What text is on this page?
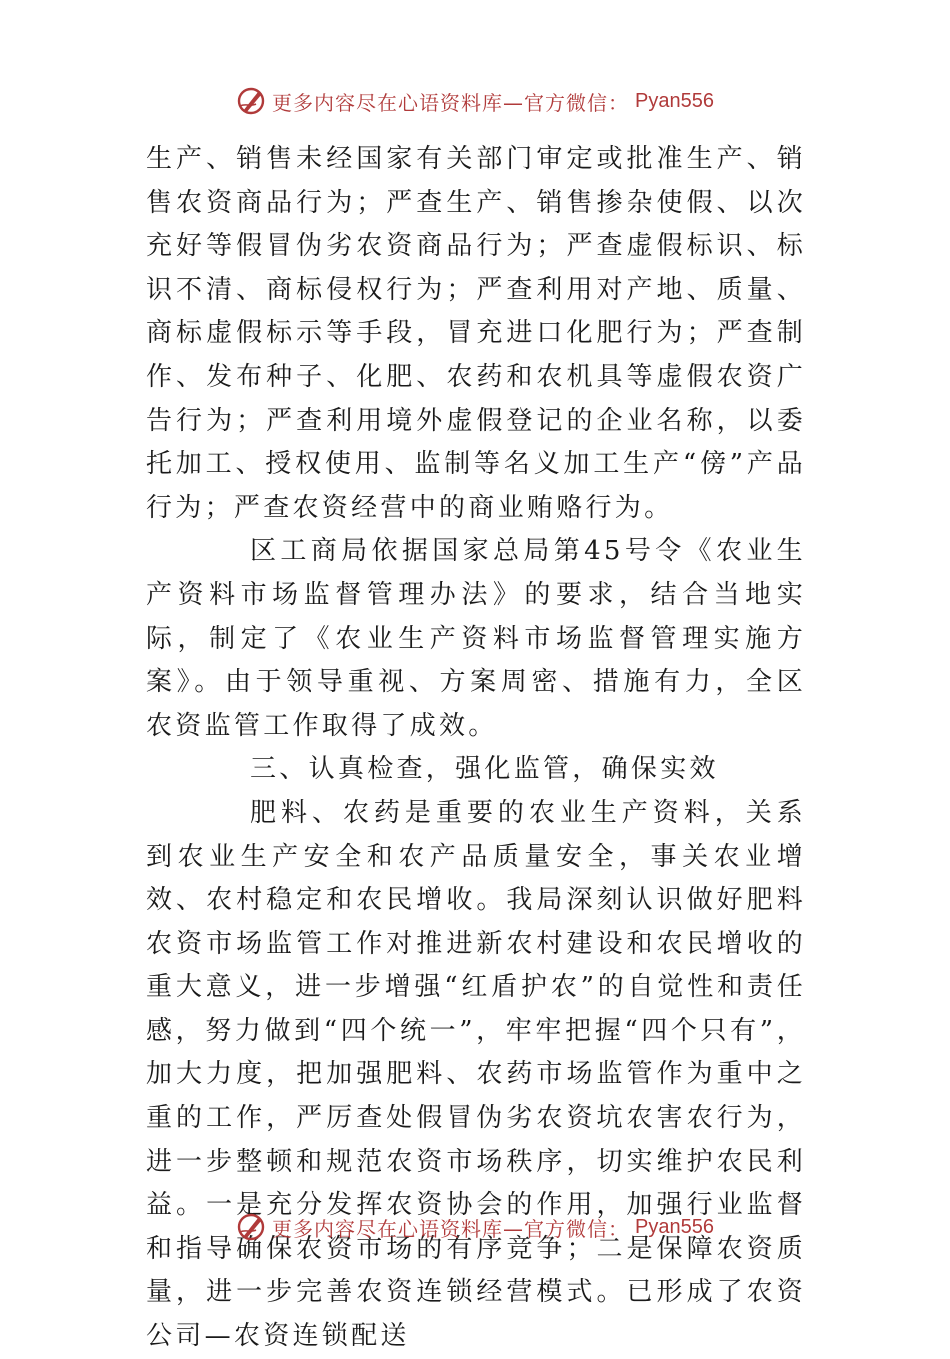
更多内容尽在心语资料库—官方微信： Pyan556

生产、销售未经国家有关部门审定或批准生产、销售农资商品行为；严查生产、销售掺杂使假、以次充好等假冒伪劣农资商品行为；严查虚假标识、标识不清、商标侵权行为；严查利用对产地、质量、商标虚假标示等手段，冒充进口化肥行为；严查制作、发布种子、化肥、农药和农机具等虚假农资广告行为；严查利用境外虚假登记的企业名称，以委托加工、授权使用、监制等名义加工生产“傍”产品行为；严查农资经营中的商业贿赂行为。

区工商局依据国家总局第45号令《农业生产资料市场监督管理办法》的要求，结合当地实际，制定了《农业生产资料市场监督管理实施方案》。由于领导重视、方案周密、措施有力，全区农资监管工作取得了成效。

三、认真检查，强化监管，确保实效

肥料、农药是重要的农业生产资料，关系到农业生产安全和农产品质量安全，事关农业增效、农村稳定和农民增收。我局深刻认识做好肥料农资市场监管工作对推进新农村建设和农民增收的重大意义，进一步增强“红盾护农”的自觉性和责任感，努力做到“四个统一”，牢牢把握“四个只有”，加大力度，把加强肥料、农药市场监管作为重中之重的工作，严厉查处假冒伪劣农资坑农害农行为，进一步整顿和规范农资市场秩序，切实维护农民利益。一是充分发挥农资协会的作用，加强行业监督和指导确保农资市场的有序竞争；二是保障农资质量，进一步完善农资连锁经营模式。已形成了农资公司—农资连锁配送

更多内容尽在心语资料库—官方微信： Pyan556
